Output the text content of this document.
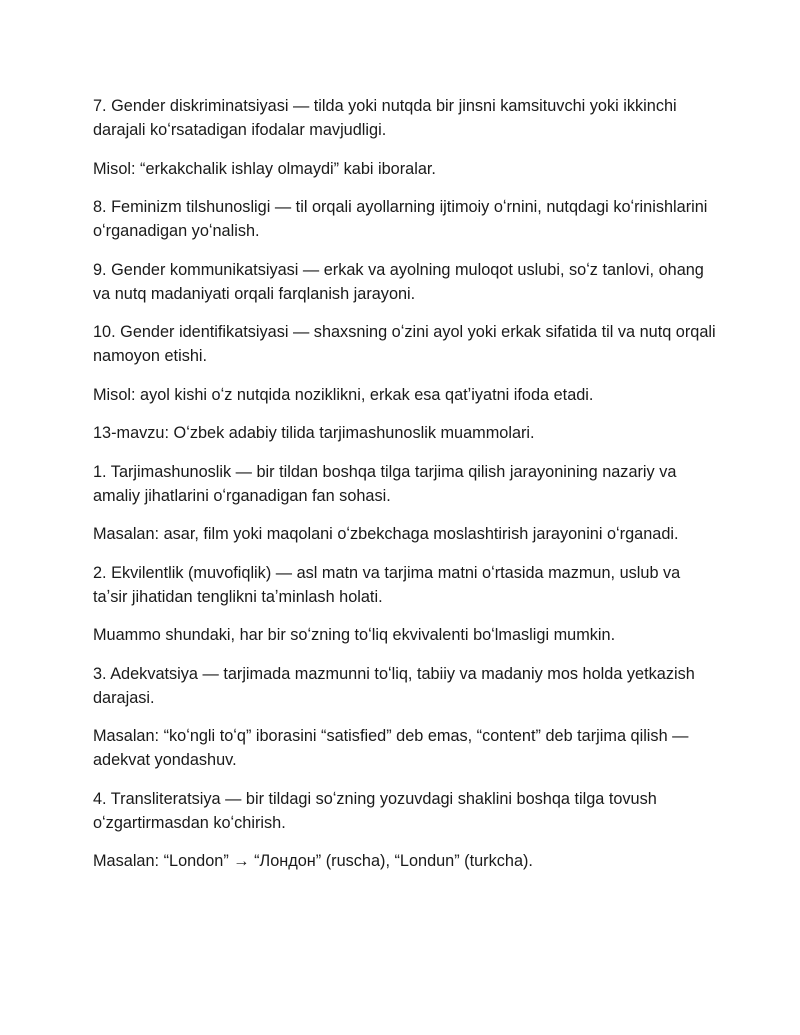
7. Gender diskriminatsiyasi — tilda yoki nutqda bir jinsni kamsituvchi yoki ikkinchi darajali koʻrsatadigan ifodalar mavjudligi.

Misol: “erkakchalik ishlay olmaydi” kabi iboralar.

8. Feminizm tilshunosligi — til orqali ayollarning ijtimoiy oʻrnini, nutqdagi koʻrinishlarini oʻrganadigan yoʻnalish.

9. Gender kommunikatsiyasi — erkak va ayolning muloqot uslubi, soʻz tanlovi, ohang va nutq madaniyati orqali farqlanish jarayoni.

10. Gender identifikatsiyasi — shaxsning oʻzini ayol yoki erkak sifatida til va nutq orqali namoyon etishi.

Misol: ayol kishi oʻz nutqida noziklikni, erkak esa qatʼiyatni ifoda etadi.

13-mavzu: Oʻzbek adabiy tilida tarjimashunoslik muammolari.

1. Tarjimashunoslik — bir tildan boshqa tilga tarjima qilish jarayonining nazariy va amaliy jihatlarini oʻrganadigan fan sohasi.

Masalan: asar, film yoki maqolani oʻzbekchaga moslashtirish jarayonini oʻrganadi.

2. Ekvilentlik (muvofiqlik) — asl matn va tarjima matni oʻrtasida mazmun, uslub va taʼsir jihatidan tenglikni taʼminlash holati.

Muammo shundaki, har bir soʻzning toʻliq ekvivalenti boʻlmasligi mumkin.

3. Adekvatsiya — tarjimada mazmunni toʻliq, tabiiy va madaniy mos holda yetkazish darajasi.

Masalan: “koʻngli toʻq” iborasini “satisfied” deb emas, “content” deb tarjima qilish — adekvat yondashuv.

4. Transliteratsiya — bir tildagi soʻzning yozuvdagi shaklini boshqa tilga tovush oʻzgartirmasdan koʻchirish.

Masalan: “London” → “Лондон” (ruscha), “Londun” (turkcha).
